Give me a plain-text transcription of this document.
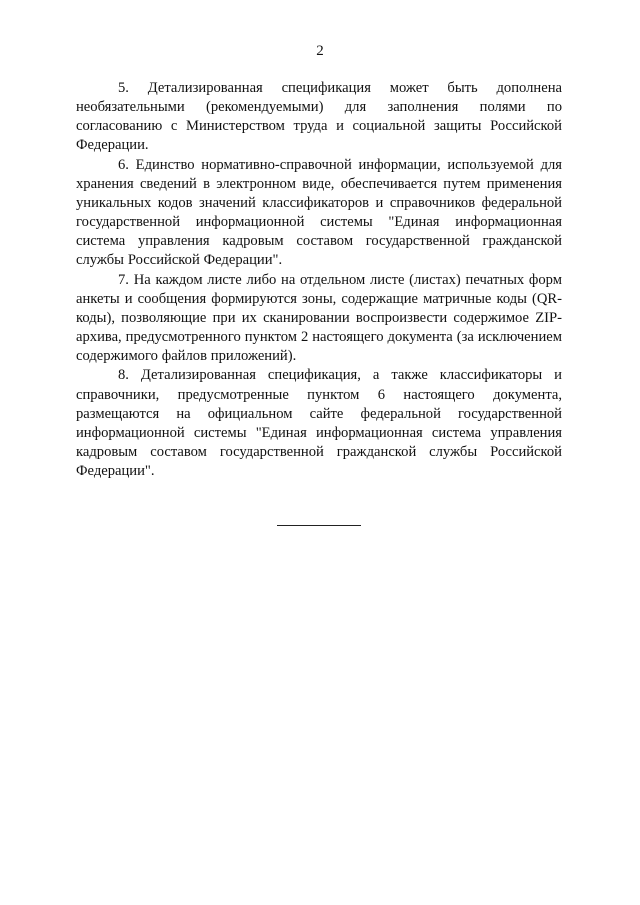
2

5. Детализированная спецификация может быть дополнена необязательными (рекомендуемыми) для заполнения полями по согласованию с Министерством труда и социальной защиты Российской Федерации.

6. Единство нормативно-справочной информации, используемой для хранения сведений в электронном виде, обеспечивается путем применения уникальных кодов значений классификаторов и справочников федеральной государственной информационной системы "Единая информационная система управления кадровым составом государственной гражданской службы Российской Федерации".

7. На каждом листе либо на отдельном листе (листах) печатных форм анкеты и сообщения формируются зоны, содержащие матричные коды (QR-коды), позволяющие при их сканировании воспроизвести содержимое ZIP-архива, предусмотренного пунктом 2 настоящего документа (за исключением содержимого файлов приложений).

8. Детализированная спецификация, а также классификаторы и справочники, предусмотренные пунктом 6 настоящего документа, размещаются на официальном сайте федеральной государственной информационной системы "Единая информационная система управления кадровым составом государственной гражданской службы Российской Федерации".
